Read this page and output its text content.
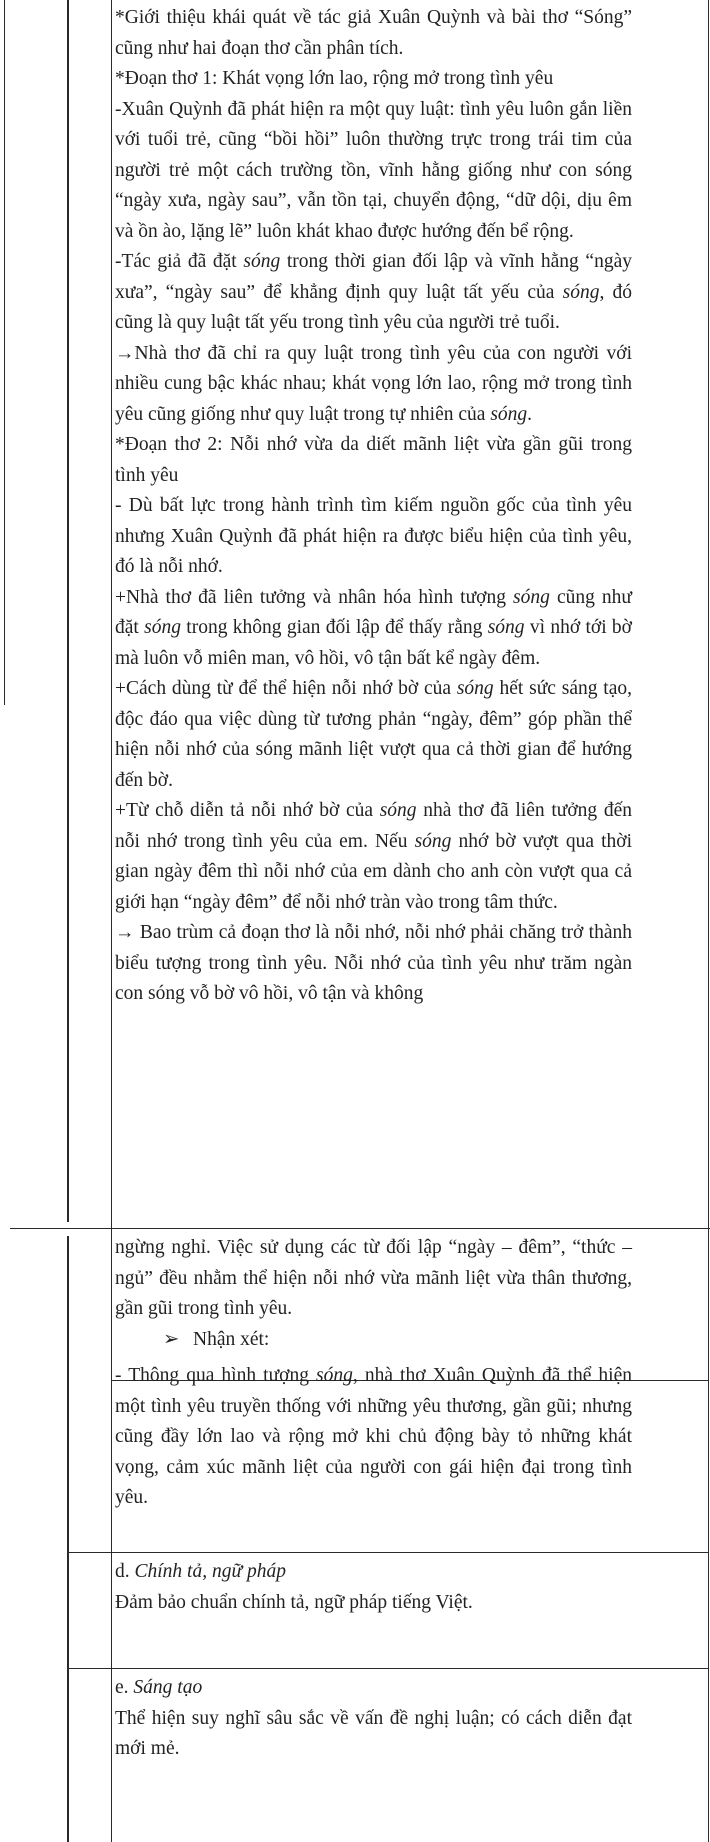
*Giới thiệu khái quát về tác giả Xuân Quỳnh và bài thơ “Sóng” cũng như hai đoạn thơ cần phân tích.

*Đoạn thơ 1: Khát vọng lớn lao, rộng mở trong tình yêu

-Xuân Quỳnh đã phát hiện ra một quy luật: tình yêu luôn gắn liền với tuổi trẻ, cũng “bồi hồi” luôn thường trực trong trái tim của người trẻ một cách trường tồn, vĩnh hằng giống như con sóng “ngày xưa, ngày sau”, vẫn tồn tại, chuyển động, “dữ dội, dịu êm và ồn ào, lặng lẽ” luôn khát khao được hướng đến bể rộng.

-Tác giả đã đặt sóng trong thời gian đối lập và vĩnh hằng “ngày xưa”, “ngày sau” để khẳng định quy luật tất yếu của sóng, đó cũng là quy luật tất yếu trong tình yêu của người trẻ tuổi.

→Nhà thơ đã chỉ ra quy luật trong tình yêu của con người với nhiều cung bậc khác nhau; khát vọng lớn lao, rộng mở trong tình yêu cũng giống như quy luật trong tự nhiên của sóng.

*Đoạn thơ 2: Nỗi nhớ vừa da diết mãnh liệt vừa gần gũi trong tình yêu

- Dù bất lực trong hành trình tìm kiếm nguồn gốc của tình yêu nhưng Xuân Quỳnh đã phát hiện ra được biểu hiện của tình yêu, đó là nỗi nhớ.

+Nhà thơ đã liên tưởng và nhân hóa hình tượng sóng cũng như đặt sóng trong không gian đối lập để thấy rằng sóng vì nhớ tới bờ mà luôn vỗ miên man, vô hồi, vô tận bất kể ngày đêm.

+Cách dùng từ để thể hiện nỗi nhớ bờ của sóng hết sức sáng tạo, độc đáo qua việc dùng từ tương phản “ngày, đêm” góp phần thể hiện nỗi nhớ của sóng mãnh liệt vượt qua cả thời gian để hướng đến bờ.

+Từ chỗ diễn tả nỗi nhớ bờ của sóng nhà thơ đã liên tưởng đến nỗi nhớ trong tình yêu của em. Nếu sóng nhớ bờ vượt qua thời gian ngày đêm thì nỗi nhớ của em dành cho anh còn vượt qua cả giới hạn “ngày đêm” để nỗi nhớ tràn vào trong tâm thức.

→ Bao trùm cả đoạn thơ là nỗi nhớ, nỗi nhớ phải chăng trở thành biểu tượng trong tình yêu. Nỗi nhớ của tình yêu như trăm ngàn con sóng vỗ bờ vô hồi, vô tận và không

ngừng nghỉ. Việc sử dụng các từ đối lập “ngày – đêm”, “thức – ngủ” đều nhằm thể hiện nỗi nhớ vừa mãnh liệt vừa thân thương, gần gũi trong tình yêu.

➢ Nhận xét:

- Thông qua hình tượng sóng, nhà thơ Xuân Quỳnh đã thể hiện một tình yêu truyền thống với những yêu thương, gần gũi; nhưng cũng đầy lớn lao và rộng mở khi chủ động bày tỏ những khát vọng, cảm xúc mãnh liệt của người con gái hiện đại trong tình yêu.

d. Chính tả, ngữ pháp

Đảm bảo chuẩn chính tả, ngữ pháp tiếng Việt.

e. Sáng tạo

Thể hiện suy nghĩ sâu sắc về vấn đề nghị luận; có cách diễn đạt mới mẻ.
